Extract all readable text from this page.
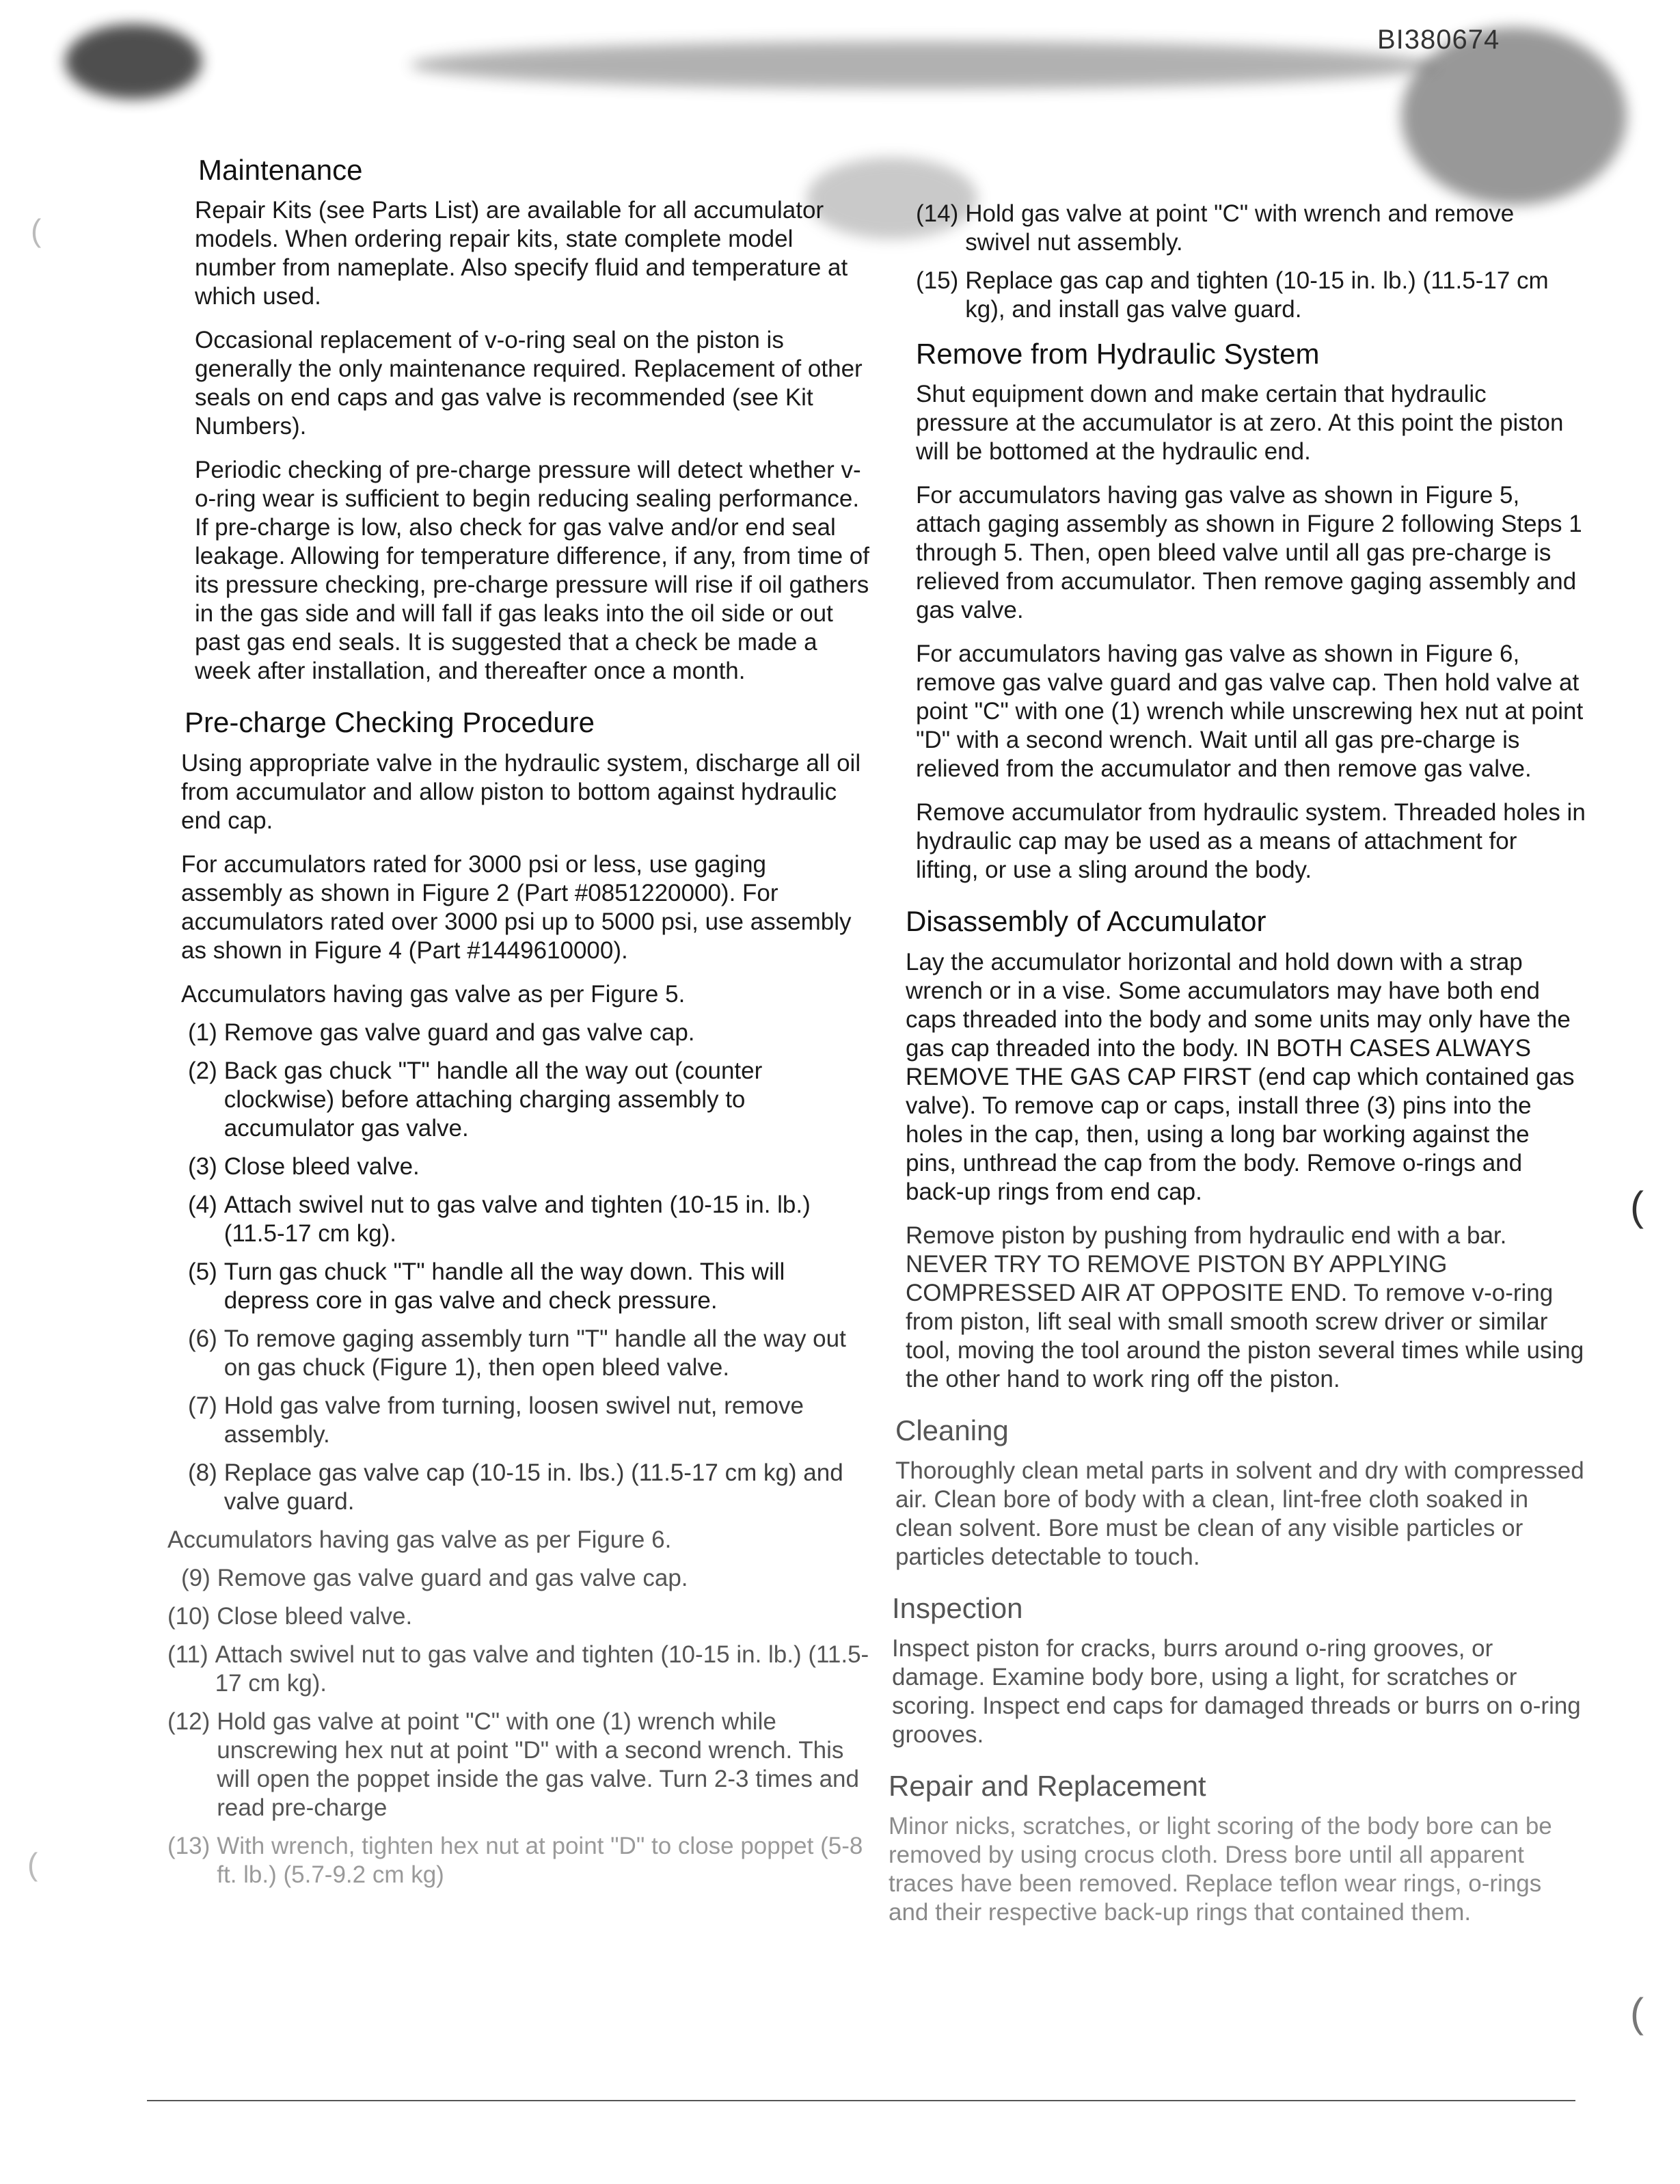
BI380674
Maintenance

Repair Kits (see Parts List) are available for all accumulator models. When ordering repair kits, state complete model number from nameplate. Also specify fluid and temperature at which used.

Occasional replacement of v-o-ring seal on the piston is generally the only maintenance required. Replacement of other seals on end caps and gas valve is recommended (see Kit Numbers).

Periodic checking of pre-charge pressure will detect whether v-o-ring wear is sufficient to begin reducing sealing performance. If pre-charge is low, also check for gas valve and/or end seal leakage. Allowing for temperature difference, if any, from time of its pressure checking, pre-charge pressure will rise if oil gathers in the gas side and will fall if gas leaks into the oil side or out past gas end seals. It is suggested that a check be made a week after installation, and thereafter once a month.

Pre-charge Checking Procedure

Using appropriate valve in the hydraulic system, discharge all oil from accumulator and allow piston to bottom against hydraulic end cap.

For accumulators rated for 3000 psi or less, use gaging assembly as shown in Figure 2 (Part #0851220000). For accumulators rated over 3000 psi up to 5000 psi, use assembly as shown in Figure 4 (Part #1449610000).

Accumulators having gas valve as per Figure 5.

(1) Remove gas valve guard and gas valve cap.
(2) Back gas chuck "T" handle all the way out (counter clockwise) before attaching charging assembly to accumulator gas valve.
(3) Close bleed valve.
(4) Attach swivel nut to gas valve and tighten (10-15 in. lb.) (11.5-17 cm kg).
(5) Turn gas chuck "T" handle all the way down. This will depress core in gas valve and check pressure.
(6) To remove gaging assembly turn "T" handle all the way out on gas chuck (Figure 1), then open bleed valve.
(7) Hold gas valve from turning, loosen swivel nut, remove assembly.
(8) Replace gas valve cap (10-15 in. lbs.) (11.5-17 cm kg) and valve guard.

Accumulators having gas valve as per Figure 6.

(9) Remove gas valve guard and gas valve cap.
(10) Close bleed valve.
(11) Attach swivel nut to gas valve and tighten (10-15 in. lb.) (11.5-17 cm kg).
(12) Hold gas valve at point "C" with one (1) wrench while unscrewing hex nut at point "D" with a second wrench. This will open the poppet inside the gas valve. Turn 2-3 times and read pre-charge
(13) With wrench, tighten hex nut at point "D" to close poppet (5-8 ft. lb.) (5.7-9.2 cm kg)
(14) Hold gas valve at point "C" with wrench and remove swivel nut assembly.
(15) Replace gas cap and tighten (10-15 in. lb.) (11.5-17 cm kg), and install gas valve guard.
Remove from Hydraulic System

Shut equipment down and make certain that hydraulic pressure at the accumulator is at zero. At this point the piston will be bottomed at the hydraulic end.

For accumulators having gas valve as shown in Figure 5, attach gaging assembly as shown in Figure 2 following Steps 1 through 5. Then, open bleed valve until all gas pre-charge is relieved from accumulator. Then remove gaging assembly and gas valve.

For accumulators having gas valve as shown in Figure 6, remove gas valve guard and gas valve cap. Then hold valve at point "C" with one (1) wrench while unscrewing hex nut at point "D" with a second wrench. Wait until all gas pre-charge is relieved from the accumulator and then remove gas valve.

Remove accumulator from hydraulic system. Threaded holes in hydraulic cap may be used as a means of attachment for lifting, or use a sling around the body.

Disassembly of Accumulator

Lay the accumulator horizontal and hold down with a strap wrench or in a vise. Some accumulators may have both end caps threaded into the body and some units may only have the gas cap threaded into the body. IN BOTH CASES ALWAYS REMOVE THE GAS CAP FIRST (end cap which contained gas valve). To remove cap or caps, install three (3) pins into the holes in the cap, then, using a long bar working against the pins, unthread the cap from the body. Remove o-rings and back-up rings from end cap.

Remove piston by pushing from hydraulic end with a bar. NEVER TRY TO REMOVE PISTON BY APPLYING COMPRESSED AIR AT OPPOSITE END. To remove v-o-ring from piston, lift seal with small smooth screw driver or similar tool, moving the tool around the piston several times while using the other hand to work ring off the piston.

Cleaning

Thoroughly clean metal parts in solvent and dry with compressed air. Clean bore of body with a clean, lint-free cloth soaked in clean solvent. Bore must be clean of any visible particles or particles detectable to touch.

Inspection

Inspect piston for cracks, burrs around o-ring grooves, or damage. Examine body bore, using a light, for scratches or scoring. Inspect end caps for damaged threads or burrs on o-ring grooves.

Repair and Replacement

Minor nicks, scratches, or light scoring of the body bore can be removed by using crocus cloth. Dress bore until all apparent traces have been removed. Replace teflon wear rings, o-rings and their respective back-up rings that contained them.

(
(
(
(
